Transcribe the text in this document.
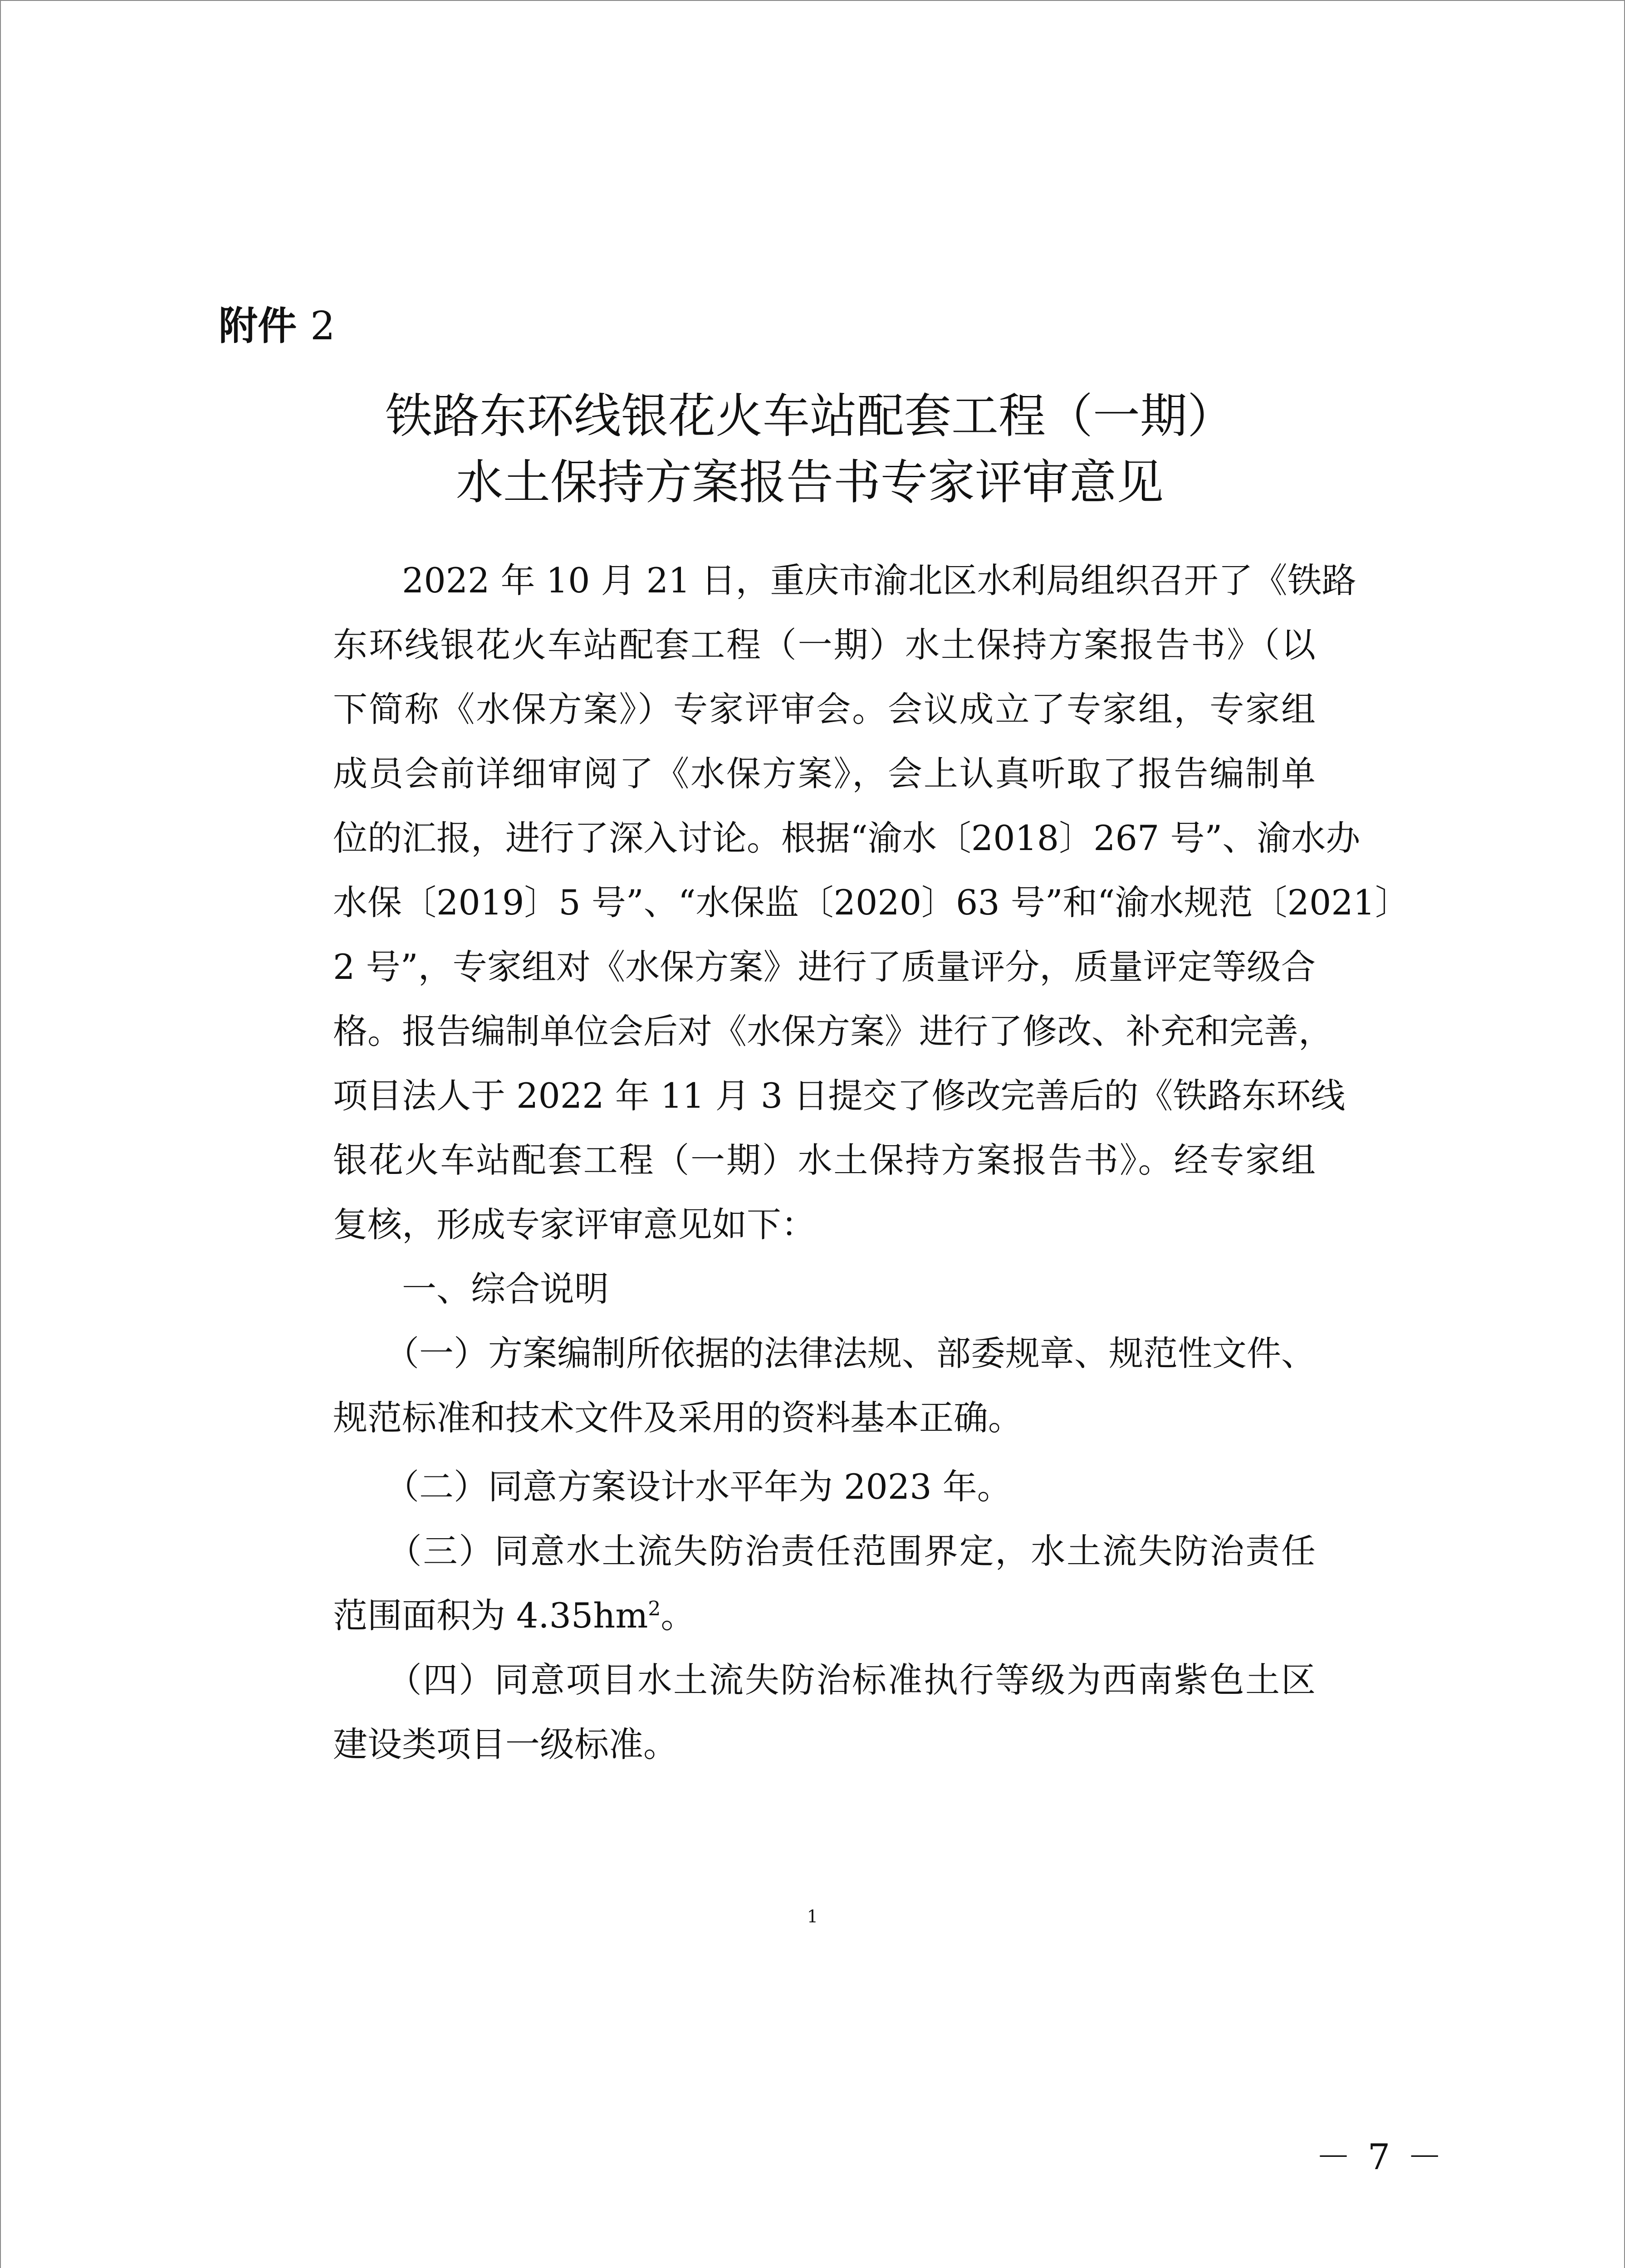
附件 2
铁路东环线银花火车站配套工程（一期）
水土保持方案报告书专家评审意见
　　2022 年 10 月 21 日，重庆市渝北区水利局组织召开了《铁路
东环线银花火车站配套工程（一期）水土保持方案报告书》（以
下简称《水保方案》）专家评审会。会议成立了专家组，专家组
成员会前详细审阅了《水保方案》，会上认真听取了报告编制单
位的汇报，进行了深入讨论。根据“渝水〔2018〕267 号”、渝水办
水保〔2019〕5 号”、“水保监〔2020〕63 号”和“渝水规范〔2021〕
2 号”，专家组对《水保方案》进行了质量评分，质量评定等级合
格。报告编制单位会后对《水保方案》进行了修改、补充和完善，
项目法人于 2022 年 11 月 3 日提交了修改完善后的《铁路东环线
银花火车站配套工程（一期）水土保持方案报告书》。经专家组
复核，形成专家评审意见如下：
　　一、综合说明
　　（一）方案编制所依据的法律法规、部委规章、规范性文件、
规范标准和技术文件及采用的资料基本正确。
　　（二）同意方案设计水平年为 2023 年。
　　（三）同意水土流失防治责任范围界定，水土流失防治责任
范围面积为 $4.35hm^2$。
　　（四）同意项目水土流失防治标准执行等级为西南紫色土区
建设类项目一级标准。
1
－ 7 －
